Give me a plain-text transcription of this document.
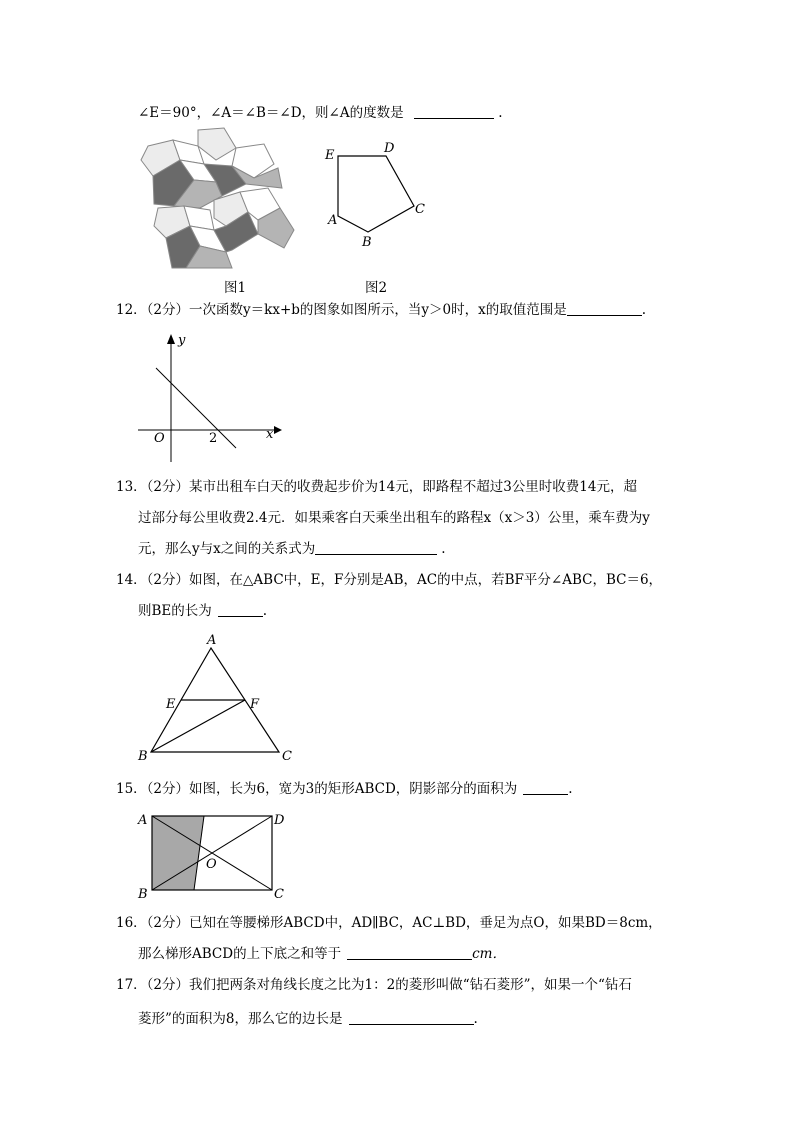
∠E＝90°，∠A＝∠B＝∠D，则∠A的度数是	.
图1
E	D
C
A
B
图2
12．（2分）一次函数y＝kx+b的图象如图所示，当y＞0时，x的取值范围是	.
y
x
O	2
13．（2分）某市出租车白天的收费起步价为14元，即路程不超过3公里时收费14元，超
过部分每公里收费2.4元．如果乘客白天乘坐出租车的路程x（x＞3）公里，乘车费为y
元，那么y与x之间的关系式为	.
14．（2分）如图，在△ABC中，E，F分别是AB，AC的中点，若BF平分∠ABC，BC＝6，
则BE的长为	.
A
E	F
B	C
15．（2分）如图，长为6，宽为3的矩形ABCD，阴影部分的面积为	.
A	D
O
B	C
16．（2分）已知在等腰梯形ABCD中，AD∥BC，AC⊥BD，垂足为点O，如果BD＝8cm，
那么梯形ABCD的上下底之和等于	cm．
17．（2分）我们把两条对角线长度之比为1：2的菱形叫做“钻石菱形”，如果一个“钻石
菱形”的面积为8，那么它的边长是	.
